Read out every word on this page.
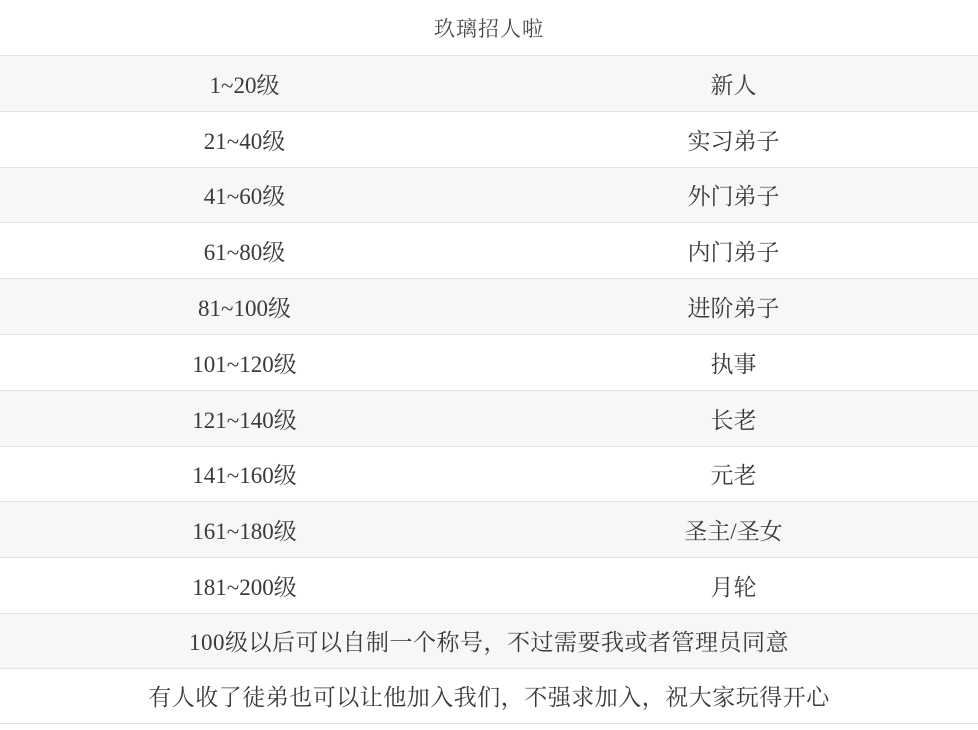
玖璃招人啦
1~20级	新人
21~40级	实习弟子
41~60级	外门弟子
61~80级	内门弟子
81~100级	进阶弟子
101~120级	执事
121~140级	长老
141~160级	元老
161~180级	圣主/圣女
181~200级	月轮
100级以后可以自制一个称号，不过需要我或者管理员同意
有人收了徒弟也可以让他加入我们，不强求加入，祝大家玩得开心
